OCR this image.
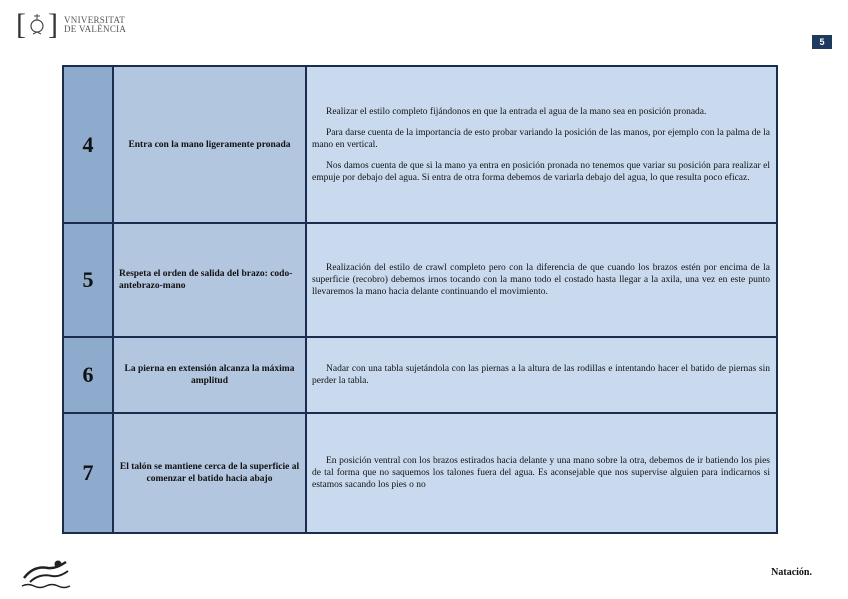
[ ] VNIVERSITAT
DE VALÈNCIA
5
4	Entra con la mano ligeramente pronada

Realizar el estilo completo fijándonos en que la entrada el agua de la mano sea en posición pronada.

Para darse cuenta de la importancia de esto probar variando la posición de las manos, por ejemplo con la palma de la mano en vertical.

Nos damos cuenta de que si la mano ya entra en posición pronada no tenemos que variar su posición para realizar el empuje por debajo del agua. Si entra de otra forma debemos de variarla debajo del agua, lo que resulta poco eficaz.

5	Respeta el orden de salida del brazo: codo-antebrazo-mano

Realización del estilo de crawl completo pero con la diferencia de que cuando los brazos estén por encima de la superficie (recobro) debemos irnos tocando con la mano todo el costado hasta llegar a la axila, una vez en este punto llevaremos la mano hacia delante continuando el movimiento.

6	La pierna en extensión alcanza la máxima amplitud

Nadar con una tabla sujetándola con las piernas a la altura de las rodillas e intentando hacer el batido de piernas sin perder la tabla.

7	El talón se mantiene cerca de la superficie al comenzar el batido hacia abajo

En posición ventral con los brazos estirados hacia delante y una mano sobre la otra, debemos de ir batiendo los pies de tal forma que no saquemos los talones fuera del agua. Es aconsejable que nos supervise alguien para indicarnos si estamos sacando los pies o no

Natación.
